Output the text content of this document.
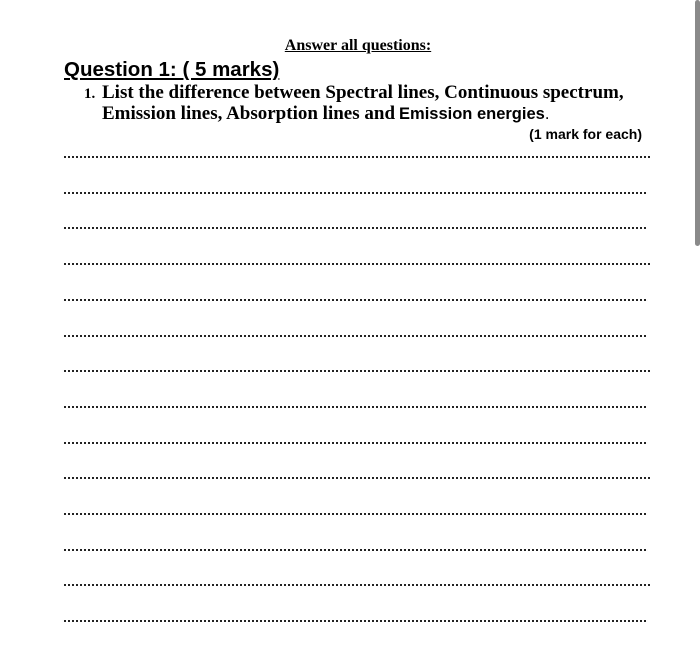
Answer all questions:
Question 1: ( 5 marks)
1. List the difference between Spectral lines, Continuous spectrum,
Emission lines, Absorption lines and Emission energies.
(1 mark for each)
